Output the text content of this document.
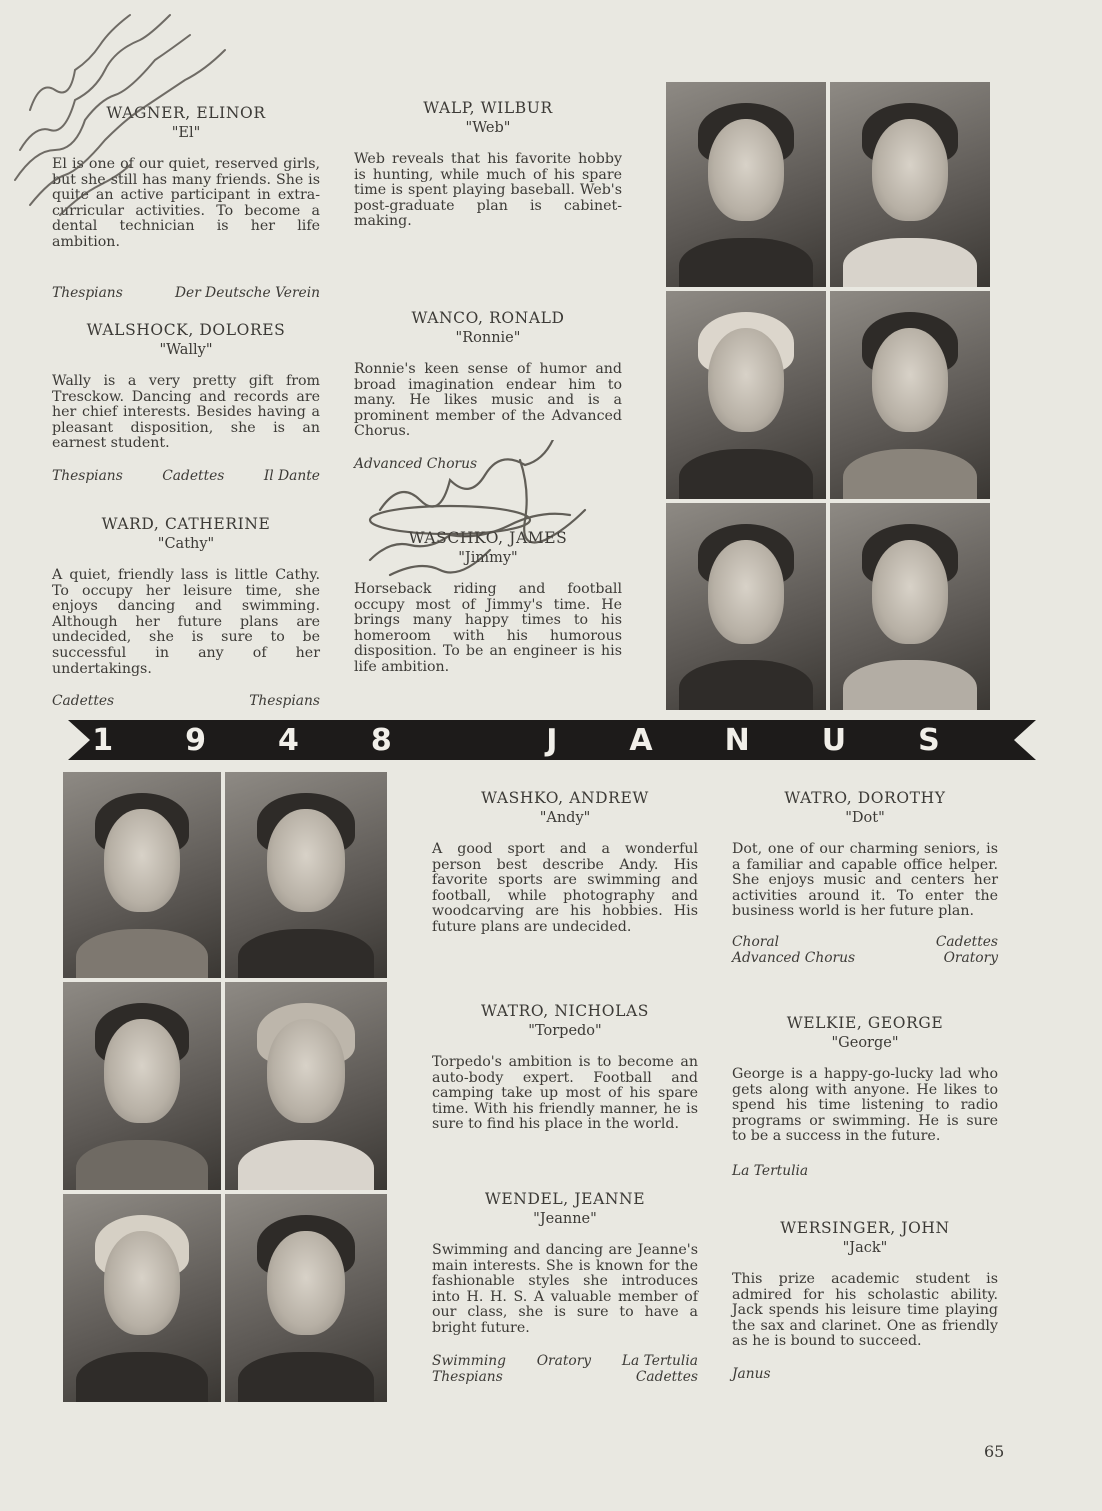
WAGNER, ELINOR
"El"
El is one of our quiet, reserved girls, but she still has many friends. She is quite an active participant in extra-curricular activities. To become a dental technician is her life ambition.
Thespians	Der Deutsche Verein
WALSHOCK, DOLORES
"Wally"
Wally is a very pretty gift from Tresckow. Dancing and records are her chief interests. Besides having a pleasant disposition, she is an earnest student.
Thespians	Cadettes	Il Dante
WARD, CATHERINE
"Cathy"
A quiet, friendly lass is little Cathy. To occupy her leisure time, she enjoys dancing and swimming. Although her future plans are undecided, she is sure to be successful in any of her undertakings.
Cadettes	Thespians
WALP, WILBUR
"Web"
Web reveals that his favorite hobby is hunting, while much of his spare time is spent playing baseball. Web's post-graduate plan is cabinet-making.
WANCO, RONALD
"Ronnie"
Ronnie's keen sense of humor and broad imagination endear him to many. He likes music and is a prominent member of the Advanced Chorus.
Advanced Chorus
WASCHKO, JAMES
"Jimmy"
Horseback riding and football occupy most of Jimmy's time. He brings many happy times to his homeroom with his humorous disposition. To be an engineer is his life ambition.
1948 JANUS
WASHKO, ANDREW
"Andy"
A good sport and a wonderful person best describe Andy. His favorite sports are swimming and football, while photography and woodcarving are his hobbies. His future plans are undecided.
WATRO, NICHOLAS
"Torpedo"
Torpedo's ambition is to become an auto-body expert. Football and camping take up most of his spare time. With his friendly manner, he is sure to find his place in the world.
WENDEL, JEANNE
"Jeanne"
Swimming and dancing are Jeanne's main interests. She is known for the fashionable styles she introduces into H. H. S. A valuable member of our class, she is sure to have a bright future.
Swimming Oratory La Tertulia
Thespians	Cadettes
WATRO, DOROTHY
"Dot"
Dot, one of our charming seniors, is a familiar and capable office helper. She enjoys music and centers her activities around it. To enter the business world is her future plan.
Choral	Cadettes
Advanced Chorus	Oratory
WELKIE, GEORGE
"George"
George is a happy-go-lucky lad who gets along with anyone. He likes to spend his time listening to radio programs or swimming. He is sure to be a success in the future.
La Tertulia
WERSINGER, JOHN
"Jack"
This prize academic student is admired for his scholastic ability. Jack spends his leisure time playing the sax and clarinet. One as friendly as he is bound to succeed.
Janus
65
